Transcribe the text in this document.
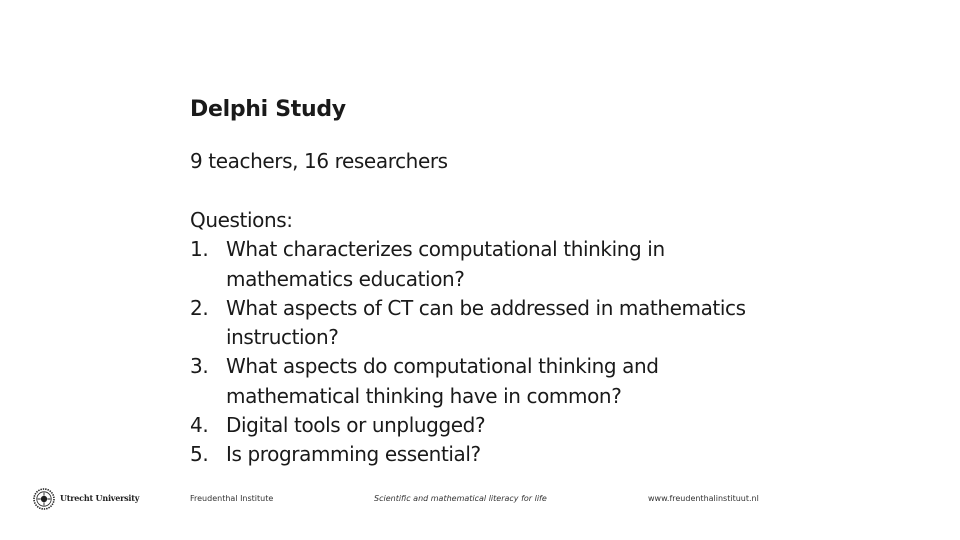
Delphi Study
9 teachers, 16 researchers
Questions:
1. What characterizes computational thinking in mathematics education?
2. What aspects of CT can be addressed in mathematics instruction?
3. What aspects do computational thinking and mathematical thinking have in common?
4. Digital tools or unplugged?
5. Is programming essential?
Utrecht University	Freudenthal Institute	Scientific and mathematical literacy for life	www.freudenthalinstituut.nl
